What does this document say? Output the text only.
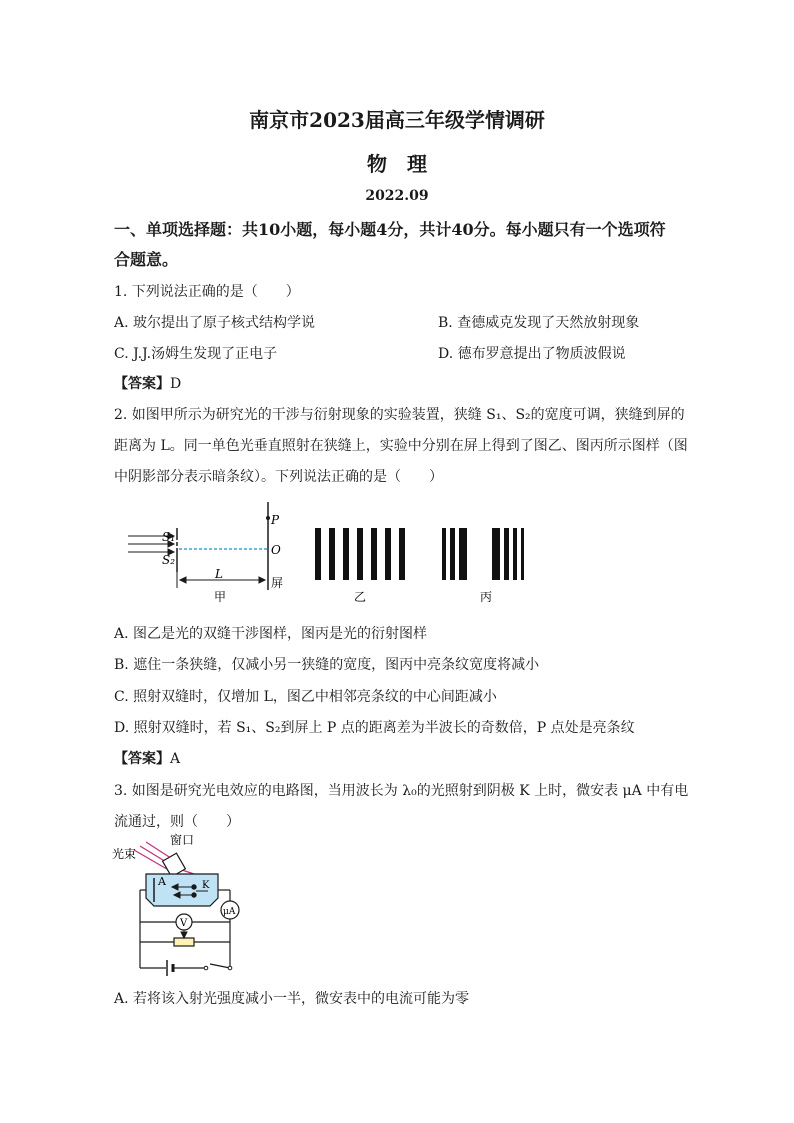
南京市2023届高三年级学情调研
物　理
2022.09
一、单项选择题：共10小题，每小题4分，共计40分。每小题只有一个选项符
合题意。
1. 下列说法正确的是（　　）
A. 玻尔提出了原子核式结构学说	B. 查德威克发现了天然放射现象
C. J.J.汤姆生发现了正电子	D. 德布罗意提出了物质波假说
【答案】D
2. 如图甲所示为研究光的干涉与衍射现象的实验装置，狭缝 S₁、S₂的宽度可调，狭缝到屏的
距离为 L。同一单色光垂直照射在狭缝上，实验中分别在屏上得到了图乙、图丙所示图样（图
中阴影部分表示暗条纹）。下列说法正确的是（　　）
S₁
S₂
P
O
L
屏
甲	乙	丙
A. 图乙是光的双缝干涉图样，图丙是光的衍射图样
B. 遮住一条狭缝，仅减小另一狭缝的宽度，图丙中亮条纹宽度将减小
C. 照射双缝时，仅增加 L，图乙中相邻亮条纹的中心间距减小
D. 照射双缝时，若 S₁、S₂到屏上 P 点的距离差为半波长的奇数倍，P 点处是亮条纹
【答案】A
3. 如图是研究光电效应的电路图，当用波长为 λ₀的光照射到阴极 K 上时，微安表 μA 中有电
流通过，则（　　）
V
μA
窗口
光束
A	K
A. 若将该入射光强度减小一半，微安表中的电流可能为零
